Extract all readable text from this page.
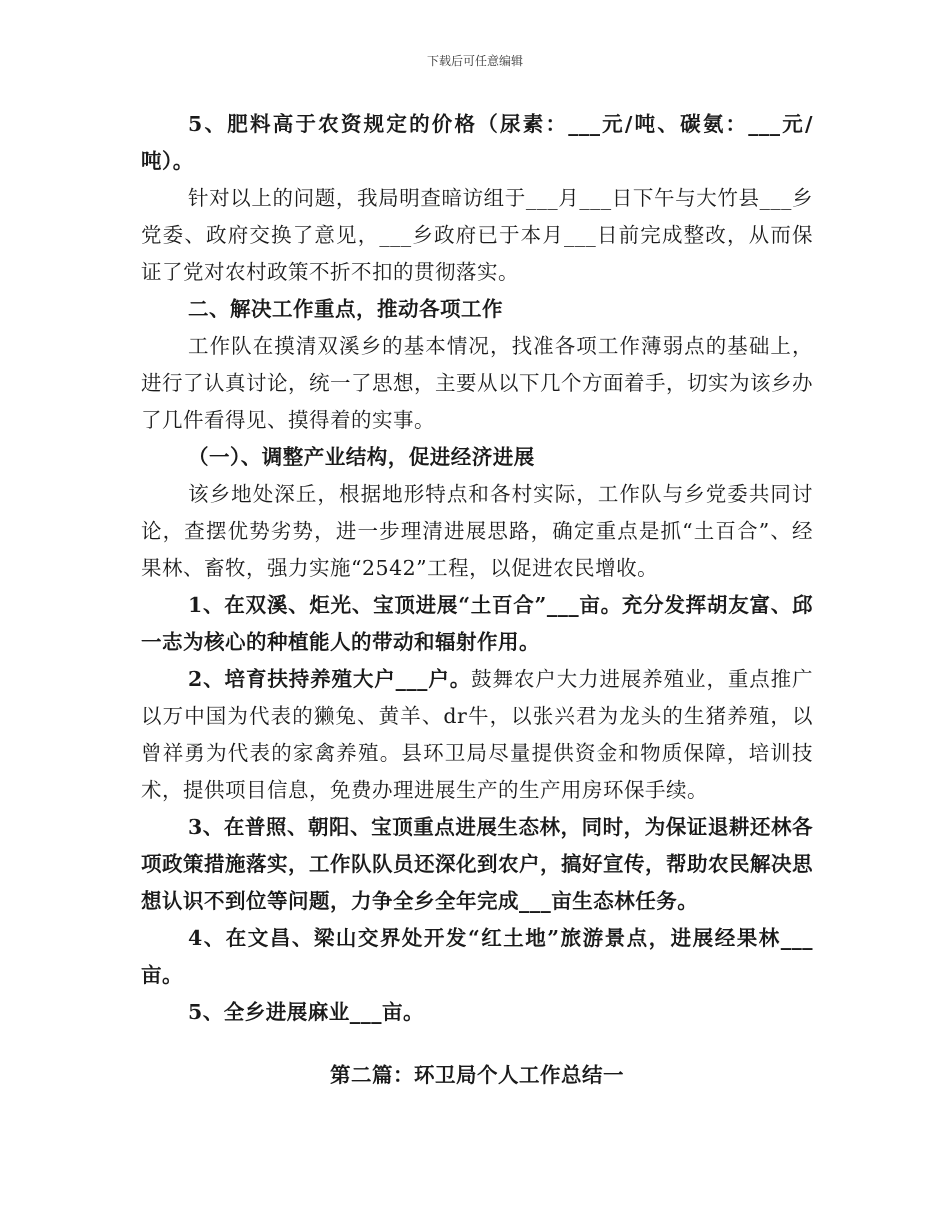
下载后可任意编辑

5、肥料高于农资规定的价格（尿素：___元/吨、碳氨：___元/吨）。

针对以上的问题，我局明查暗访组于___月___日下午与大竹县___乡党委、政府交换了意见，___乡政府已于本月___日前完成整改，从而保证了党对农村政策不折不扣的贯彻落实。

二、解决工作重点，推动各项工作

工作队在摸清双溪乡的基本情况，找准各项工作薄弱点的基础上，进行了认真讨论，统一了思想，主要从以下几个方面着手，切实为该乡办了几件看得见、摸得着的实事。

（一）、调整产业结构，促进经济进展

该乡地处深丘，根据地形特点和各村实际，工作队与乡党委共同讨论，查摆优势劣势，进一步理清进展思路，确定重点是抓“土百合”、经果林、畜牧，强力实施“2542”工程，以促进农民增收。

1、在双溪、炬光、宝顶进展“土百合”___亩。充分发挥胡友富、邱一志为核心的种植能人的带动和辐射作用。

2、培育扶持养殖大户___户。鼓舞农户大力进展养殖业，重点推广以万中国为代表的獭兔、黄羊、dr牛，以张兴君为龙头的生猪养殖，以曾祥勇为代表的家禽养殖。县环卫局尽量提供资金和物质保障，培训技术，提供项目信息，免费办理进展生产的生产用房环保手续。

3、在普照、朝阳、宝顶重点进展生态林，同时，为保证退耕还林各项政策措施落实，工作队队员还深化到农户，搞好宣传，帮助农民解决思想认识不到位等问题，力争全乡全年完成___亩生态林任务。

4、在文昌、梁山交界处开发“红土地”旅游景点，进展经果林___亩。

5、全乡进展麻业___亩。

第二篇：环卫局个人工作总结一
